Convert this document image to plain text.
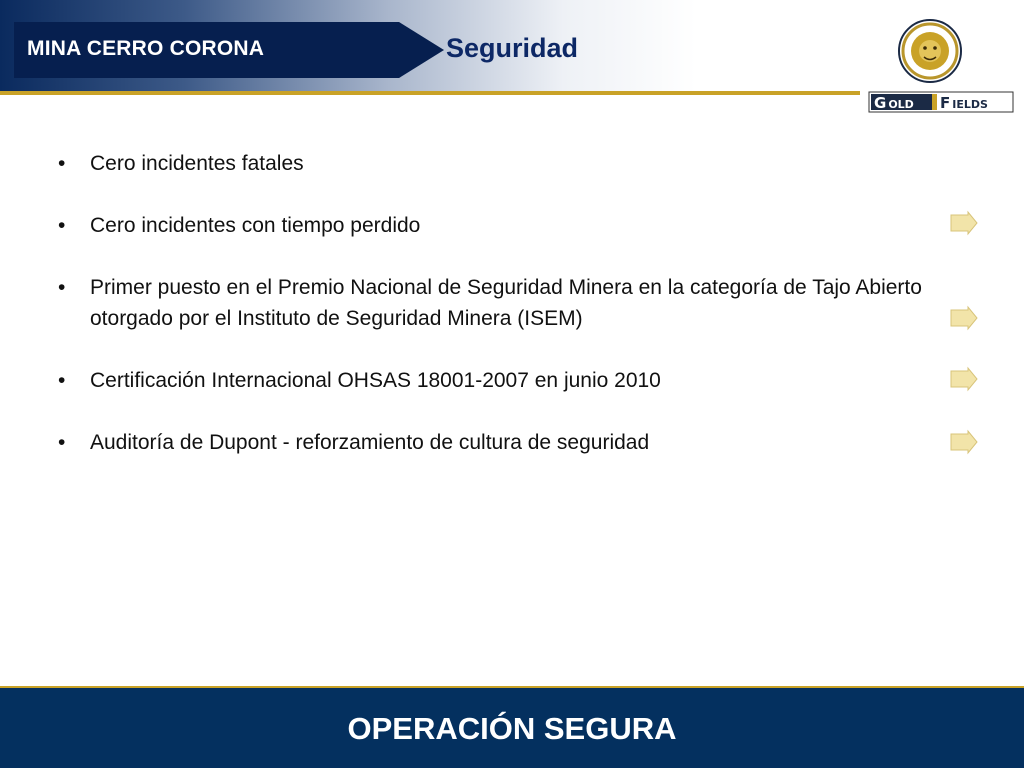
MINA CERRO CORONA	Seguridad
G OLD F IELDS
• Cero incidentes fatales
• Cero incidentes con tiempo perdido
• Primer puesto en el Premio Nacional de Seguridad Minera en la categoría de Tajo Abierto otorgado por el Instituto de Seguridad Minera (ISEM)
• Certificación Internacional OHSAS 18001-2007 en junio 2010
• Auditoría de Dupont - reforzamiento de cultura de seguridad
OPERACIÓN SEGURA
